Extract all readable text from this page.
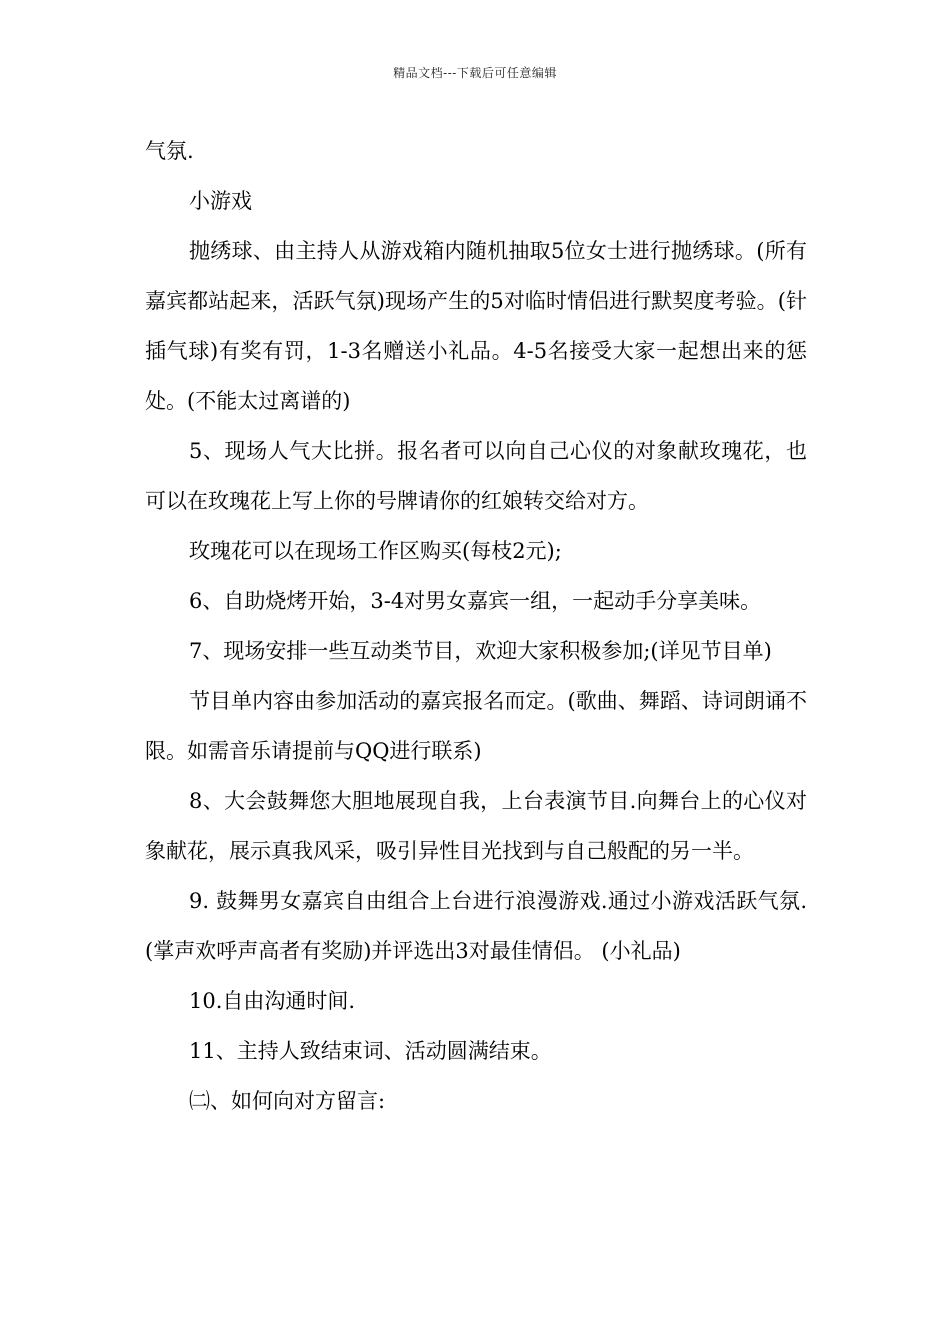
精品文档---下载后可任意编辑

气氛.

小游戏

抛绣球、由主持人从游戏箱内随机抽取5位女士进行抛绣球。(所有嘉宾都站起来，活跃气氛)现场产生的5对临时情侣进行默契度考验。(针插气球)有奖有罚，1-3名赠送小礼品。4-5名接受大家一起想出来的惩处。(不能太过离谱的)

5、现场人气大比拼。报名者可以向自己心仪的对象献玫瑰花，也可以在玫瑰花上写上你的号牌请你的红娘转交给对方。

玫瑰花可以在现场工作区购买(每枝2元);

6、自助烧烤开始，3-4对男女嘉宾一组，一起动手分享美味。

7、现场安排一些互动类节目，欢迎大家积极参加;(详见节目单)

节目单内容由参加活动的嘉宾报名而定。(歌曲、舞蹈、诗词朗诵不限。如需音乐请提前与QQ进行联系)

8、大会鼓舞您大胆地展现自我，上台表演节目.向舞台上的心仪对象献花，展示真我风采，吸引异性目光找到与自己般配的另一半。

9. 鼓舞男女嘉宾自由组合上台进行浪漫游戏.通过小游戏活跃气氛.(掌声欢呼声高者有奖励)并评选出3对最佳情侣。 (小礼品)

10.自由沟通时间.

11、主持人致结束词、活动圆满结束。

㈡、如何向对方留言:
